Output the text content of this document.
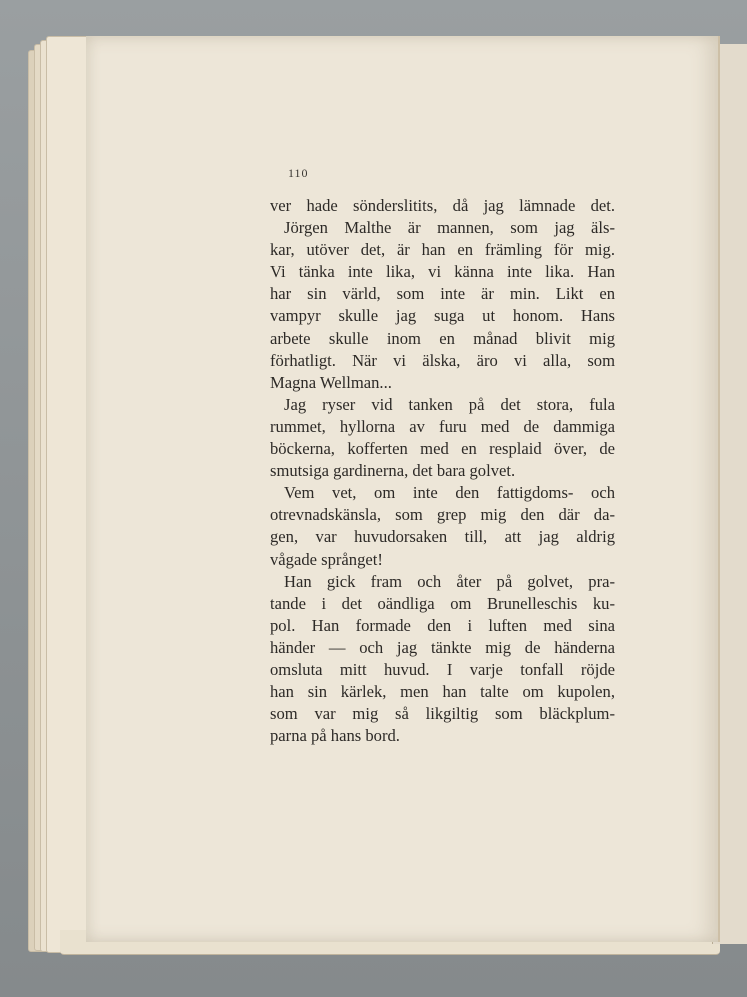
110
ver hade sönderslitits, då jag lämnade det.
Jörgen Malthe är mannen, som jag äls-
kar, utöver det, är han en främling för mig.
Vi tänka inte lika, vi känna inte lika. Han
har sin värld, som inte är min. Likt en
vampyr skulle jag suga ut honom. Hans
arbete skulle inom en månad blivit mig
förhatligt. När vi älska, äro vi alla, som
Magna Wellman...
Jag ryser vid tanken på det stora, fula
rummet, hyllorna av furu med de dammiga
böckerna, kofferten med en resplaid över, de
smutsiga gardinerna, det bara golvet.
Vem vet, om inte den fattigdoms- och
otrevnadskänsla, som grep mig den där da-
gen, var huvudorsaken till, att jag aldrig
vågade språnget!
Han gick fram och åter på golvet, pra-
tande i det oändliga om Brunelleschis ku-
pol. Han formade den i luften med sina
händer — och jag tänkte mig de händerna
omsluta mitt huvud. I varje tonfall röjde
han sin kärlek, men han talte om kupolen,
som var mig så likgiltig som bläckplum-
parna på hans bord.
